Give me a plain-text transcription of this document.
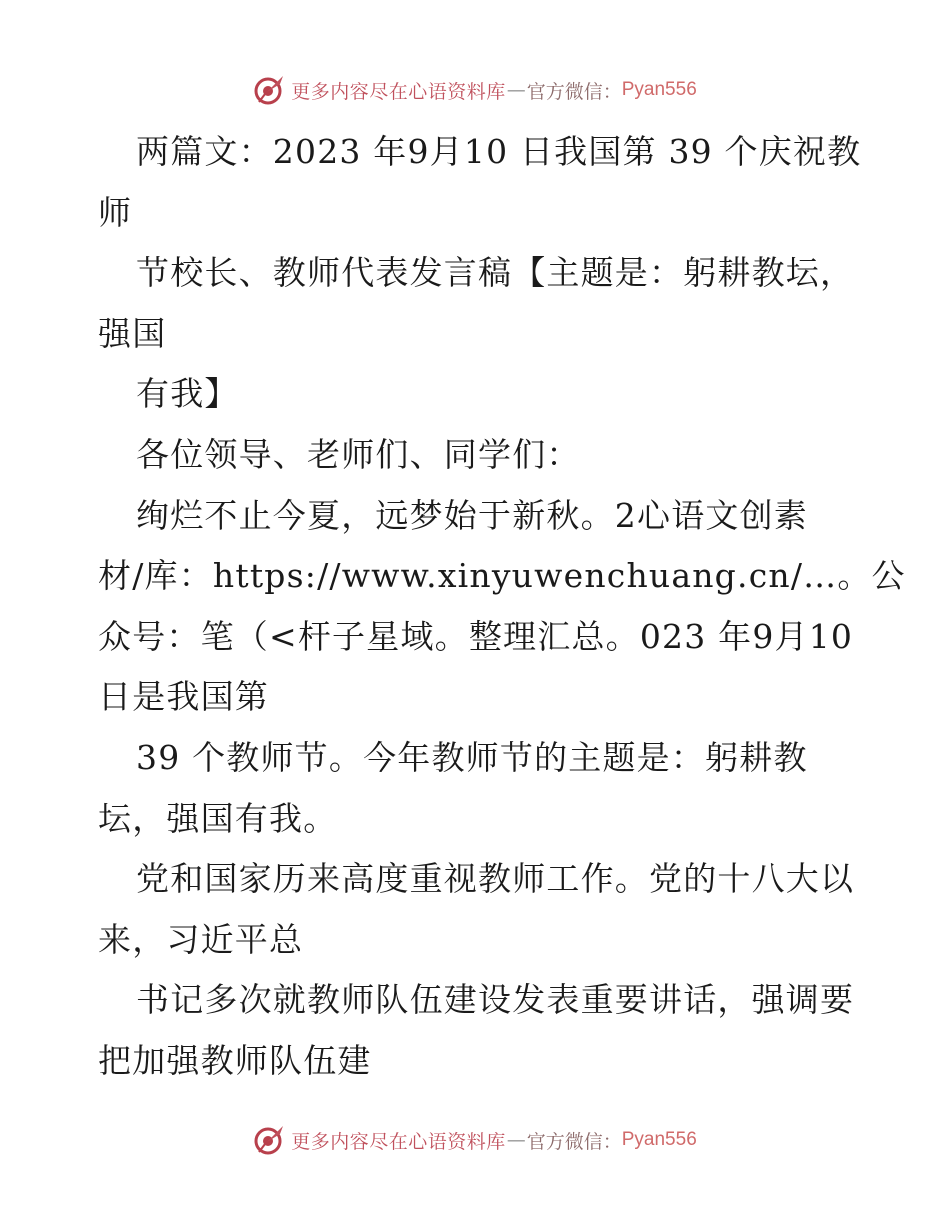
更多内容尽在心语资料库 — 官方微信： Pyan556
两篇文：2023 年9月10 日我国第 39 个庆祝教
师
节校长、教师代表发言稿【主题是：躬耕教坛，
强国
有我】
各位领导、老师们、同学们：
绚烂不止今夏，远梦始于新秋。2心语文创素
材/库：https://www.xinyuwenchuang.cn/…。公
众号：笔（<杆子星域。整理汇总。023 年9月10
日是我国第
39 个教师节。今年教师节的主题是：躬耕教
坛，强国有我。
党和国家历来高度重视教师工作。党的十八大以
来，习近平总
书记多次就教师队伍建设发表重要讲话，强调要
把加强教师队伍建
更多内容尽在心语资料库 — 官方微信： Pyan556
